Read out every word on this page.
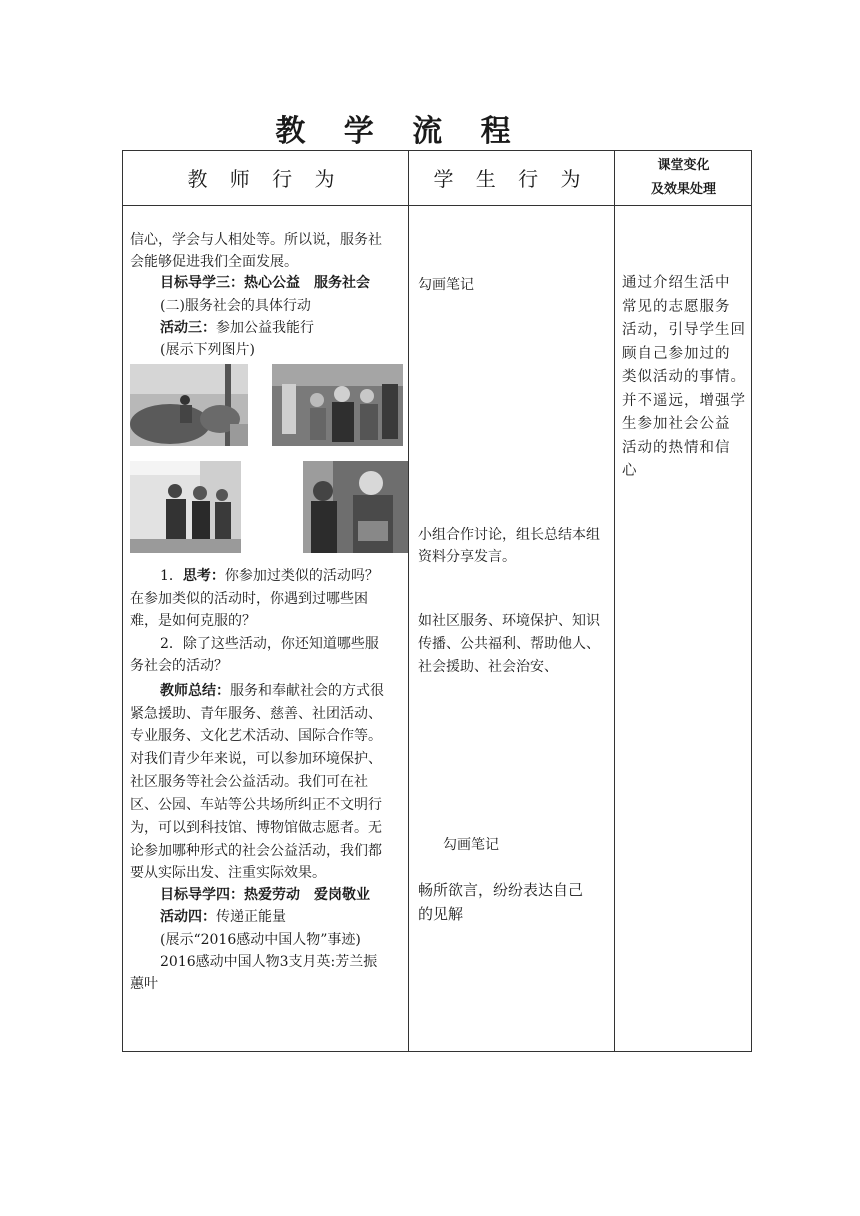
教 学 流 程
教 师 行 为	学 生 行 为
课堂变化
及效果处理
信心，学会与人相处等。所以说，服务社
会能够促进我们全面发展。
目标导学三：热心公益　服务社会
(二)服务社会的具体行动
活动三：参加公益我能行
(展示下列图片)
1．思考：你参加过类似的活动吗？
在参加类似的活动时，你遇到过哪些困
难，是如何克服的？
2．除了这些活动，你还知道哪些服
务社会的活动？
教师总结：服务和奉献社会的方式很
紧急援助、青年服务、慈善、社团活动、
专业服务、文化艺术活动、国际合作等。
对我们青少年来说，可以参加环境保护、
社区服务等社会公益活动。我们可在社
区、公园、车站等公共场所纠正不文明行
为，可以到科技馆、博物馆做志愿者。无
论参加哪种形式的社会公益活动，我们都
要从实际出发、注重实际效果。
目标导学四：热爱劳动　爱岗敬业
活动四：传递正能量
(展示“2016感动中国人物”事迹)
2016感动中国人物3支月英:芳兰振
蕙叶
勾画笔记
小组合作讨论，组长总结本组
资料分享发言。
如社区服务、环境保护、知识
传播、公共福利、帮助他人、
社会援助、社会治安、
勾画笔记
畅所欲言，纷纷表达自己
的见解
通过介绍生活中
常见的志愿服务
活动，引导学生回
顾自己参加过的
类似活动的事情。
并不遥远，增强学
生参加社会公益
活动的热情和信
心
